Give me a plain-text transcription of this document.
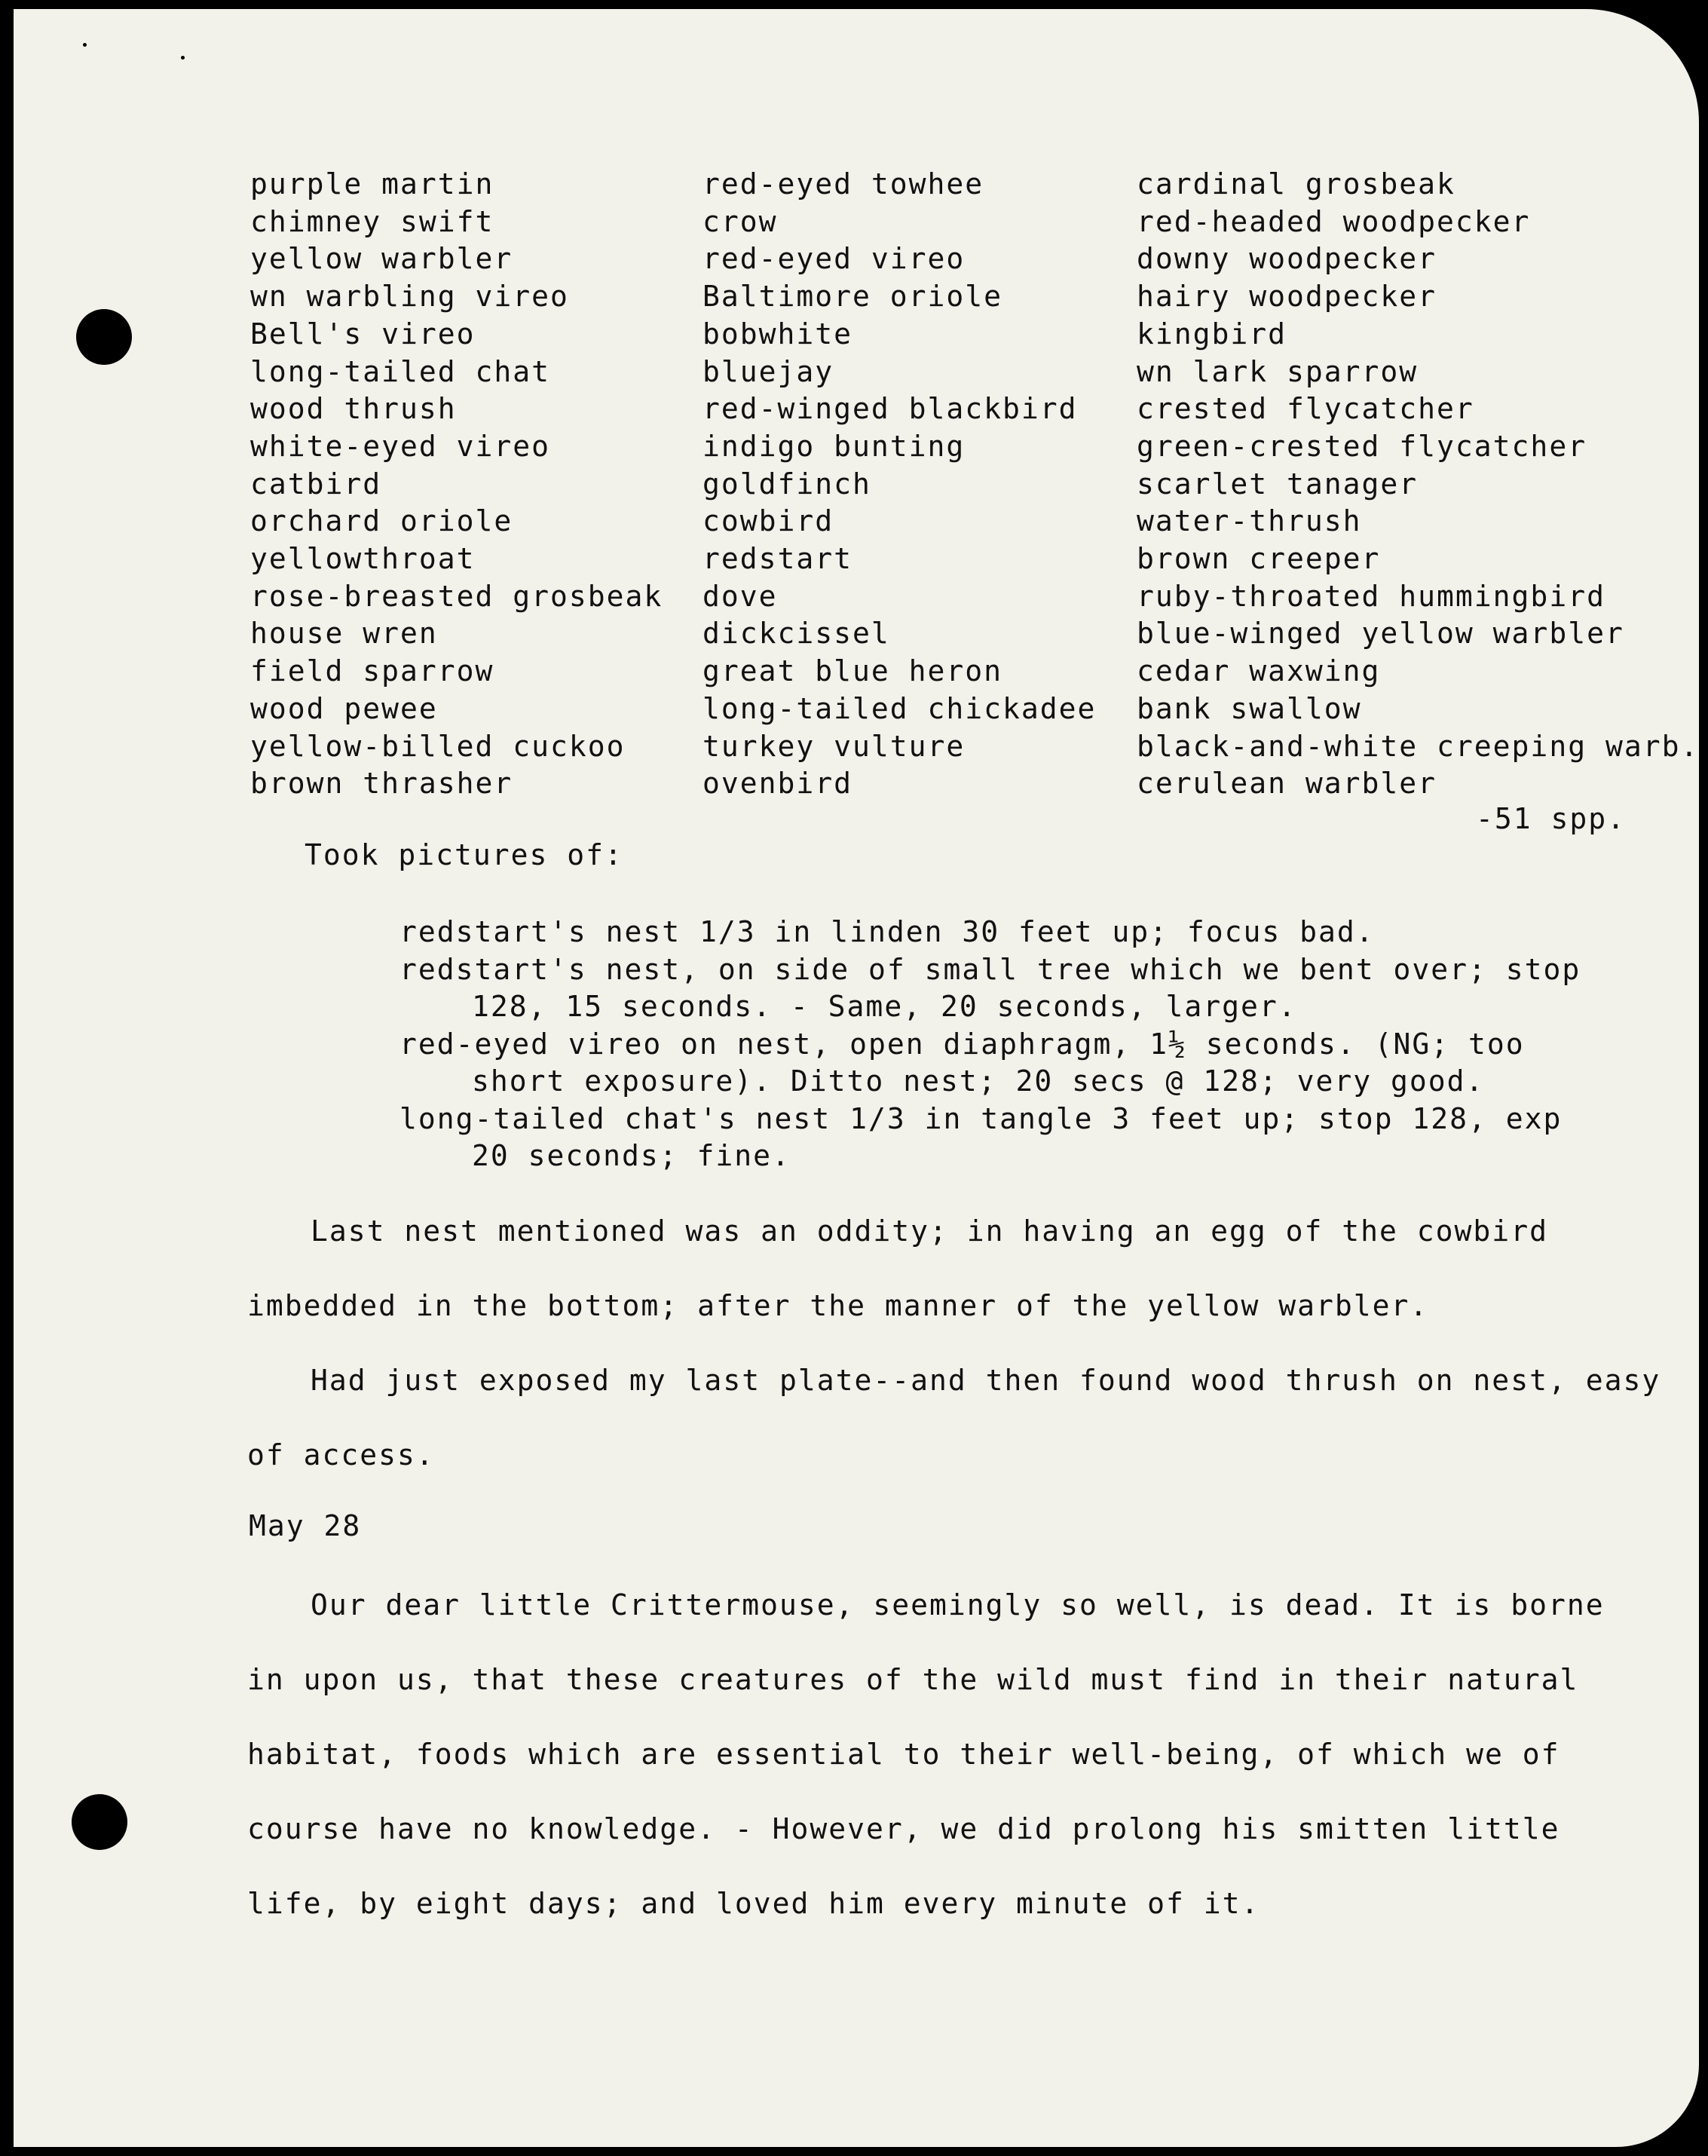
purple martin
chimney swift
yellow warbler
wn warbling vireo
Bell's vireo
long-tailed chat
wood thrush
white-eyed vireo
catbird
orchard oriole
yellowthroat
rose-breasted grosbeak
house wren
field sparrow
wood pewee
yellow-billed cuckoo
brown thrasher
red-eyed towhee
crow
red-eyed vireo
Baltimore oriole
bobwhite
bluejay
red-winged blackbird
indigo bunting
goldfinch
cowbird
redstart
dove
dickcissel
great blue heron
long-tailed chickadee
turkey vulture
ovenbird
cardinal grosbeak
red-headed woodpecker
downy woodpecker
hairy woodpecker
kingbird
wn lark sparrow
crested flycatcher
green-crested flycatcher
scarlet tanager
water-thrush
brown creeper
ruby-throated hummingbird
blue-winged yellow warbler
cedar waxwing
bank swallow
black-and-white creeping warb.
cerulean warbler
-51 spp.
Took pictures of:
redstart's nest 1/3 in linden 30 feet up; focus bad.
redstart's nest, on side of small tree which we bent over; stop
128, 15 seconds. - Same, 20 seconds, larger.
red-eyed vireo on nest, open diaphragm, 1½ seconds. (NG; too
short exposure). Ditto nest; 20 secs @ 128; very good.
long-tailed chat's nest 1/3 in tangle 3 feet up; stop 128, exp
20 seconds; fine.
Last nest mentioned was an oddity; in having an egg of the cowbird
imbedded in the bottom; after the manner of the yellow warbler.
Had just exposed my last plate--and then found wood thrush on nest, easy
of access.
May 28
Our dear little Crittermouse, seemingly so well, is dead. It is borne
in upon us, that these creatures of the wild must find in their natural
habitat, foods which are essential to their well-being, of which we of
course have no knowledge. - However, we did prolong his smitten little
life, by eight days; and loved him every minute of it.
